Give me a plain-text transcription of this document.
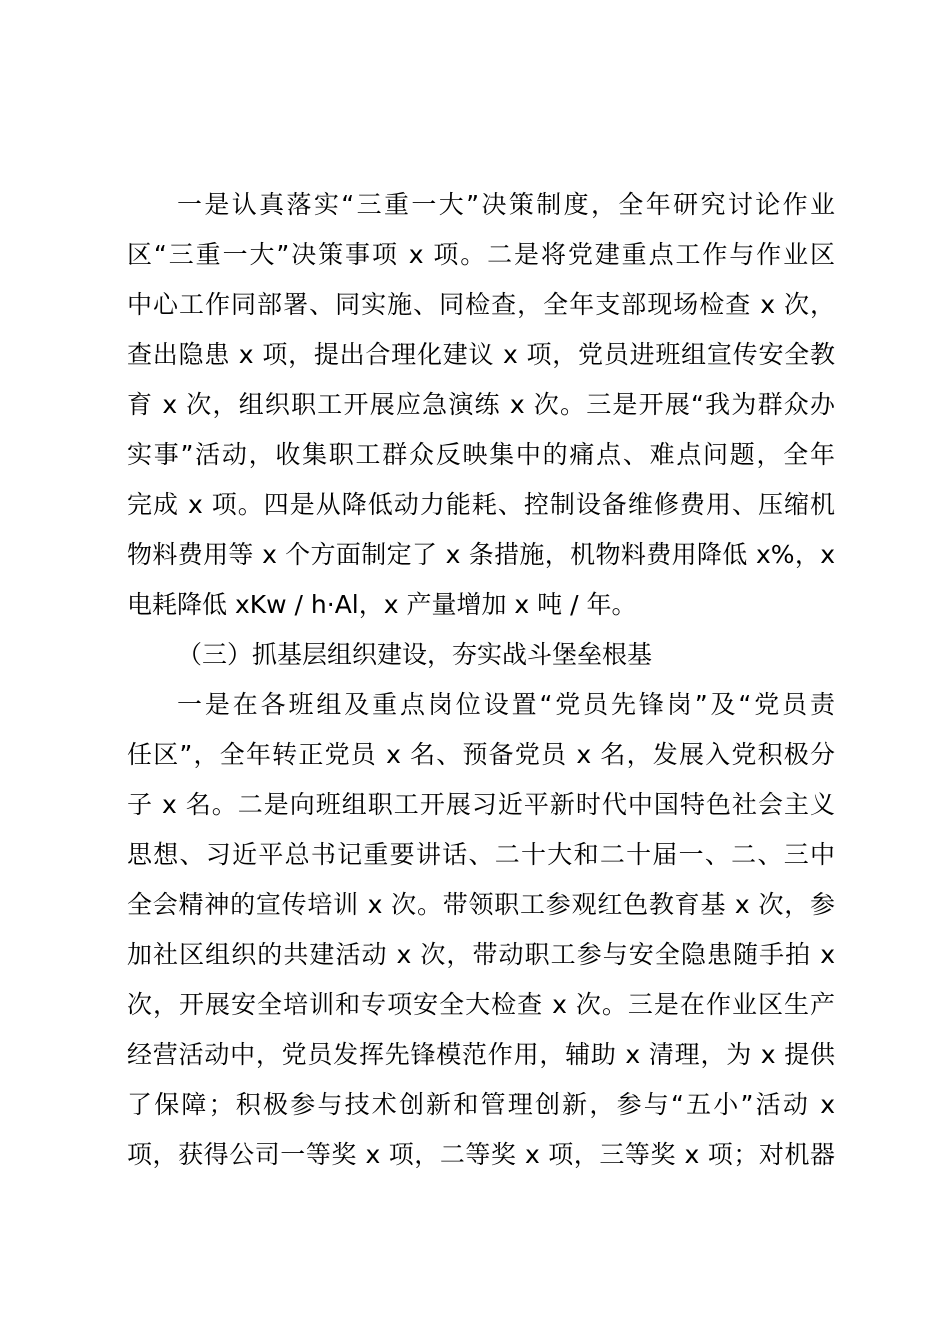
一是认真落实“三重一大”决策制度，全年研究讨论作业
区“三重一大”决策事项 x 项。二是将党建重点工作与作业区
中心工作同部署、同实施、同检查，全年支部现场检查 x 次，
查出隐患 x 项，提出合理化建议 x 项，党员进班组宣传安全教
育 x 次，组织职工开展应急演练 x 次。三是开展“我为群众办
实事”活动，收集职工群众反映集中的痛点、难点问题，全年
完成 x 项。四是从降低动力能耗、控制设备维修费用、压缩机
物料费用等 x 个方面制定了 x 条措施，机物料费用降低 x%，x
电耗降低 xKw / h·Al，x 产量增加 x 吨 / 年。
（三）抓基层组织建设，夯实战斗堡垒根基
一是在各班组及重点岗位设置“党员先锋岗”及“党员责
任区”，全年转正党员 x 名、预备党员 x 名，发展入党积极分
子 x 名。二是向班组职工开展习近平新时代中国特色社会主义
思想、习近平总书记重要讲话、二十大和二十届一、二、三中
全会精神的宣传培训 x 次。带领职工参观红色教育基 x 次，参
加社区组织的共建活动 x 次，带动职工参与安全隐患随手拍 x
次，开展安全培训和专项安全大检查 x 次。三是在作业区生产
经营活动中，党员发挥先锋模范作用，辅助 x 清理，为 x 提供
了保障；积极参与技术创新和管理创新，参与“五小”活动 x
项，获得公司一等奖 x 项，二等奖 x 项，三等奖 x 项；对机器
